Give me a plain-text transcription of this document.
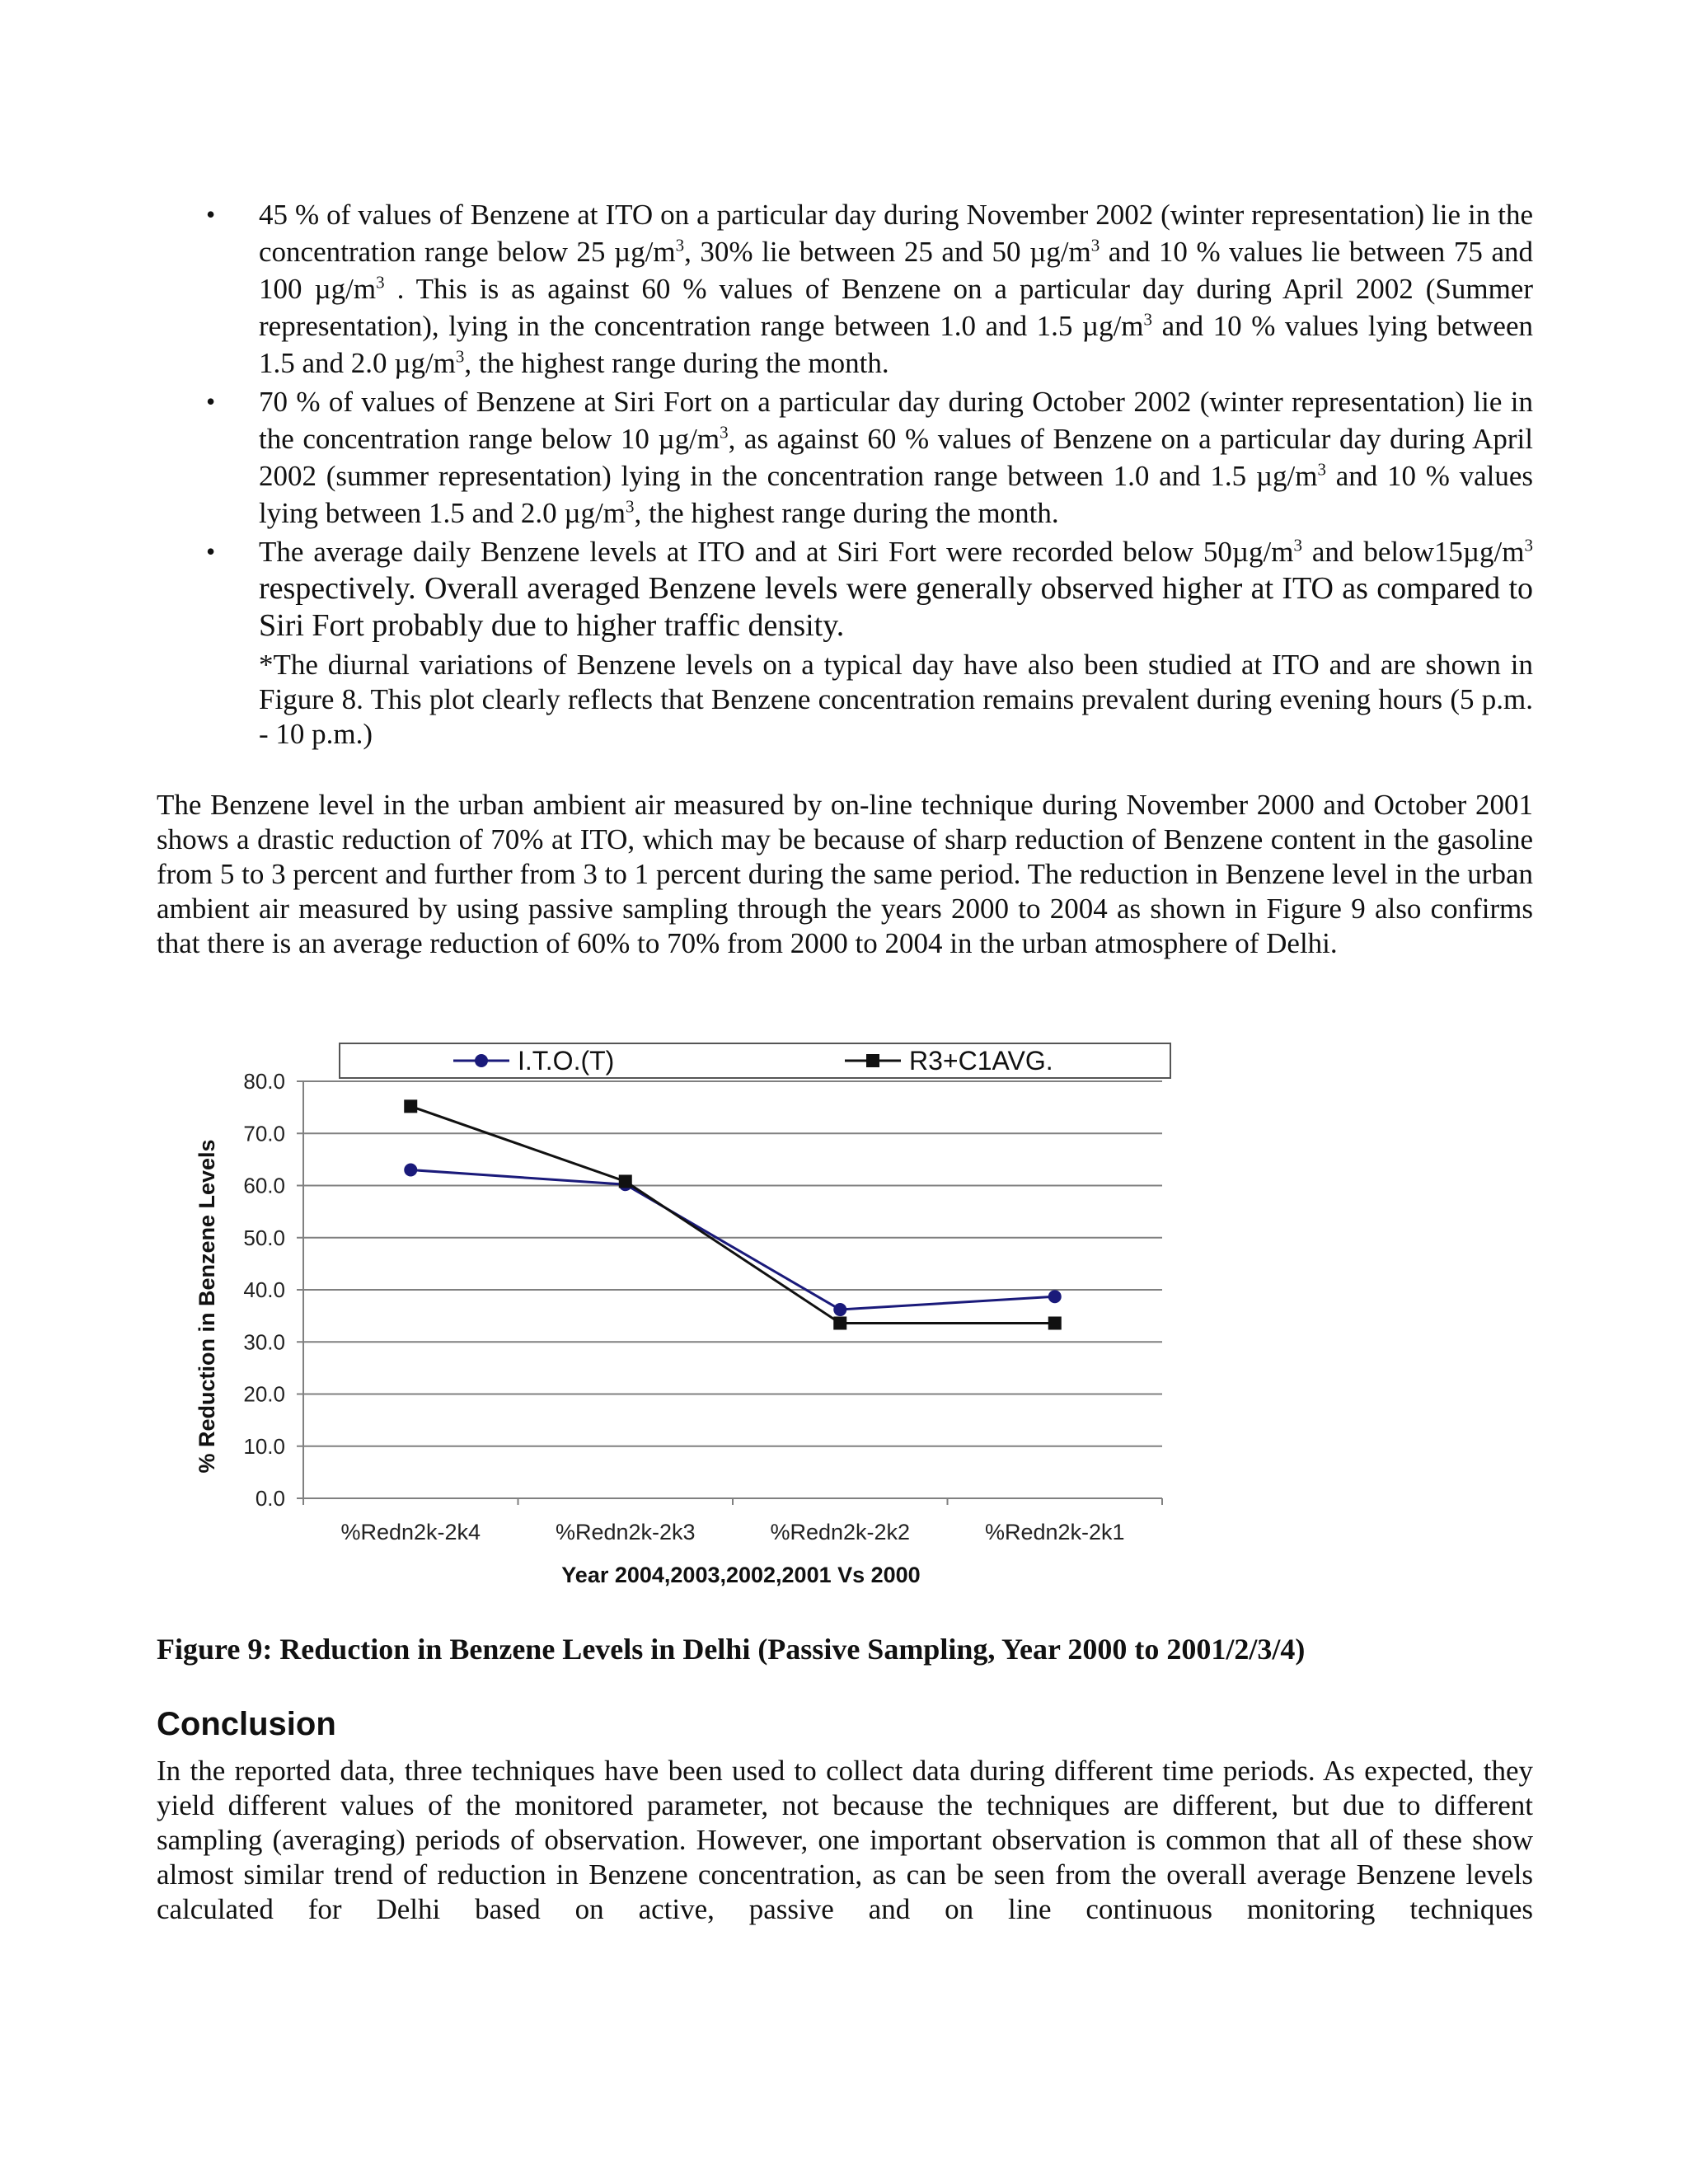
• 45 % of values of Benzene at ITO on a particular day during November 2002 (winter representation) lie in the concentration range below 25 $\mu g/m^3$, 30% lie between 25 and 50 $\mu g/m^3$ and 10 % values lie between 75 and 100 $\mu g/m^3$ . This is as against 60 % values of Benzene on a particular day during April 2002 (Summer representation), lying in the concentration range between 1.0 and 1.5 $\mu g/m^3$ and 10 % values lying between 1.5 and 2.0 $\mu g/m^3$, the highest range during the month.
• 70 % of values of Benzene at Siri Fort on a particular day during October 2002 (winter representation) lie in the concentration range below 10 $\mu g/m^3$, as against 60 % values of Benzene on a particular day during April 2002 (summer representation) lying in the concentration range between 1.0 and 1.5 $\mu g/m^3$ and 10 % values lying between 1.5 and 2.0 $\mu g/m^3$, the highest range during the month.
• The average daily Benzene levels at ITO and at Siri Fort were recorded below $50\mu g/m^3$ and $below15\mu g/m^3$ respectively. Overall averaged Benzene levels were generally observed higher at ITO as compared to Siri Fort probably due to higher traffic density.
*The diurnal variations of Benzene levels on a typical day have also been studied at ITO and are shown in Figure 8. This plot clearly reflects that Benzene concentration remains prevalent during evening hours (5 p.m. - 10 p.m.)
The Benzene level in the urban ambient air measured by on-line technique during November 2000 and October 2001 shows a drastic reduction of 70% at ITO, which may be because of sharp reduction of Benzene content in the gasoline from 5 to 3 percent and further from 3 to 1 percent during the same period. The reduction in Benzene level in the urban ambient air measured by using passive sampling through the years 2000 to 2004 as shown in Figure 9 also confirms that there is an average reduction of 60% to 70% from 2000 to 2004 in the urban atmosphere of Delhi.
0.0
10.0
20.0
30.0
40.0
50.0
60.0
70.0
80.0
%Redn2k-2k4	%Redn2k-2k3	%Redn2k-2k2	%Redn2k-2k1
Year 2004,2003,2002,2001 Vs 2000
% Reduction in Benzene Levels
I.T.O.(T)	R3+C1AVG.
Figure 9: Reduction in Benzene Levels in Delhi (Passive Sampling, Year 2000 to 2001/2/3/4)
Conclusion
In the reported data, three techniques have been used to collect data during different time periods. As expected, they yield different values of the monitored parameter, not because the techniques are different, but due to different sampling (averaging) periods of observation. However, one important observation is common that all of these show almost similar trend of reduction in Benzene concentration, as can be seen from the overall average Benzene levels calculated for Delhi based on active, passive and on line continuous monitoring techniques
